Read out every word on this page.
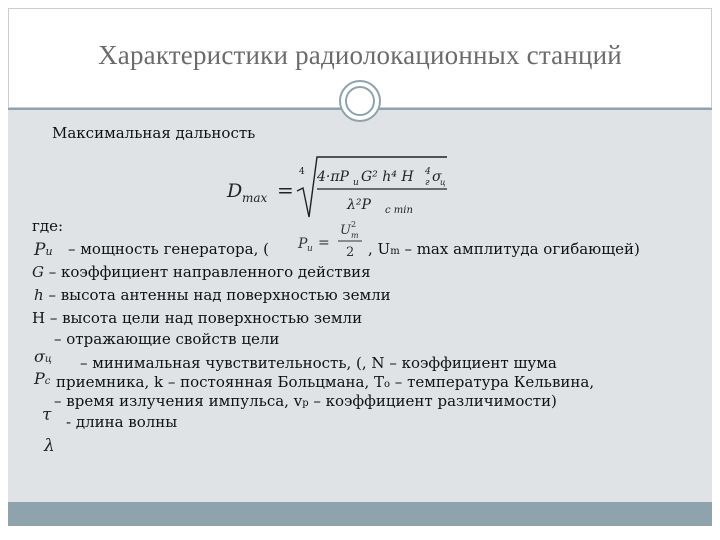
Характеристики радиолокационных станций
Максимальная дальность
D max =
4 4·πP u G² h⁴ H г
4 σ
ц
λ²P c min
где:
Pu – мощность генератора, ( P u =
U 2
m
2 , Um – max амплитуда огибающей)
G – коэффициент направленного действия
h – высота антенны над поверхностью земли
H – высота цели над поверхностью земли
– отражающие свойств цели
σц – минимальная чувствительность, (, N – коэффициент шума
Pс приемника, k – постоянная Больцмана, To – температура Кельвина,
– время излучения импульса, vp – коэффициент различимости)
τ - длина волны
λ
